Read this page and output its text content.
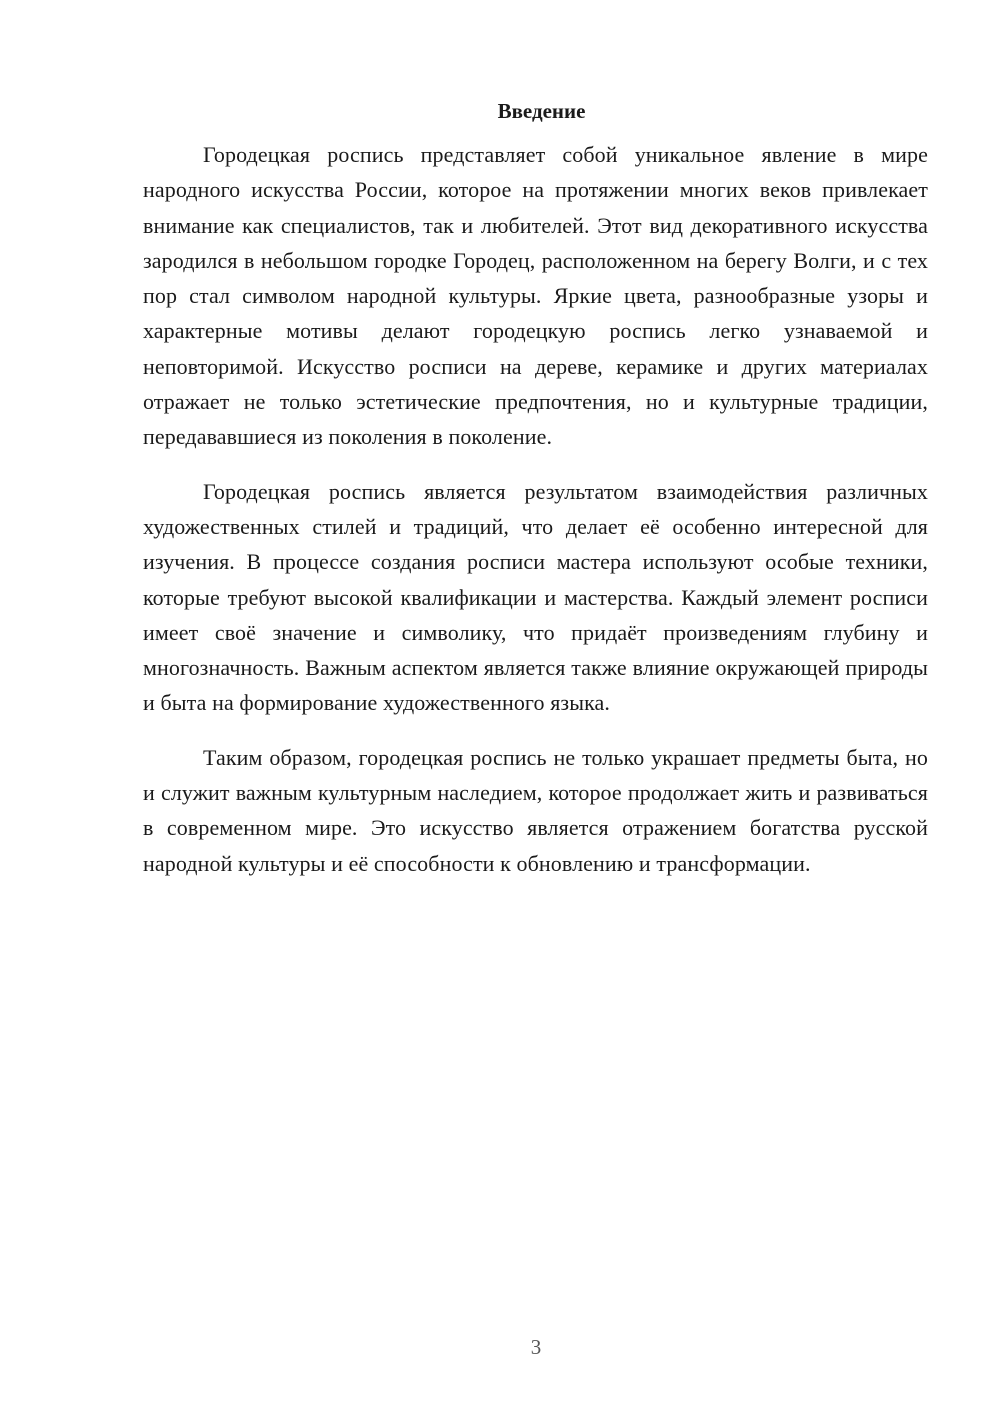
Введение

Городецкая роспись представляет собой уникальное явление в мире народного искусства России, которое на протяжении многих веков привлекает внимание как специалистов, так и любителей. Этот вид декоративного искусства зародился в небольшом городке Городец, расположенном на берегу Волги, и с тех пор стал символом народной культуры. Яркие цвета, разнообразные узоры и характерные мотивы делают городецкую роспись легко узнаваемой и неповторимой. Искусство росписи на дереве, керамике и других материалах отражает не только эстетические предпочтения, но и культурные традиции, передававшиеся из поколения в поколение.

Городецкая роспись является результатом взаимодействия различных художественных стилей и традиций, что делает её особенно интересной для изучения. В процессе создания росписи мастера используют особые техники, которые требуют высокой квалификации и мастерства. Каждый элемент росписи имеет своё значение и символику, что придаёт произведениям глубину и многозначность. Важным аспектом является также влияние окружающей природы и быта на формирование художественного языка.

Таким образом, городецкая роспись не только украшает предметы быта, но и служит важным культурным наследием, которое продолжает жить и развиваться в современном мире. Это искусство является отражением богатства русской народной культуры и её способности к обновлению и трансформации.

3
